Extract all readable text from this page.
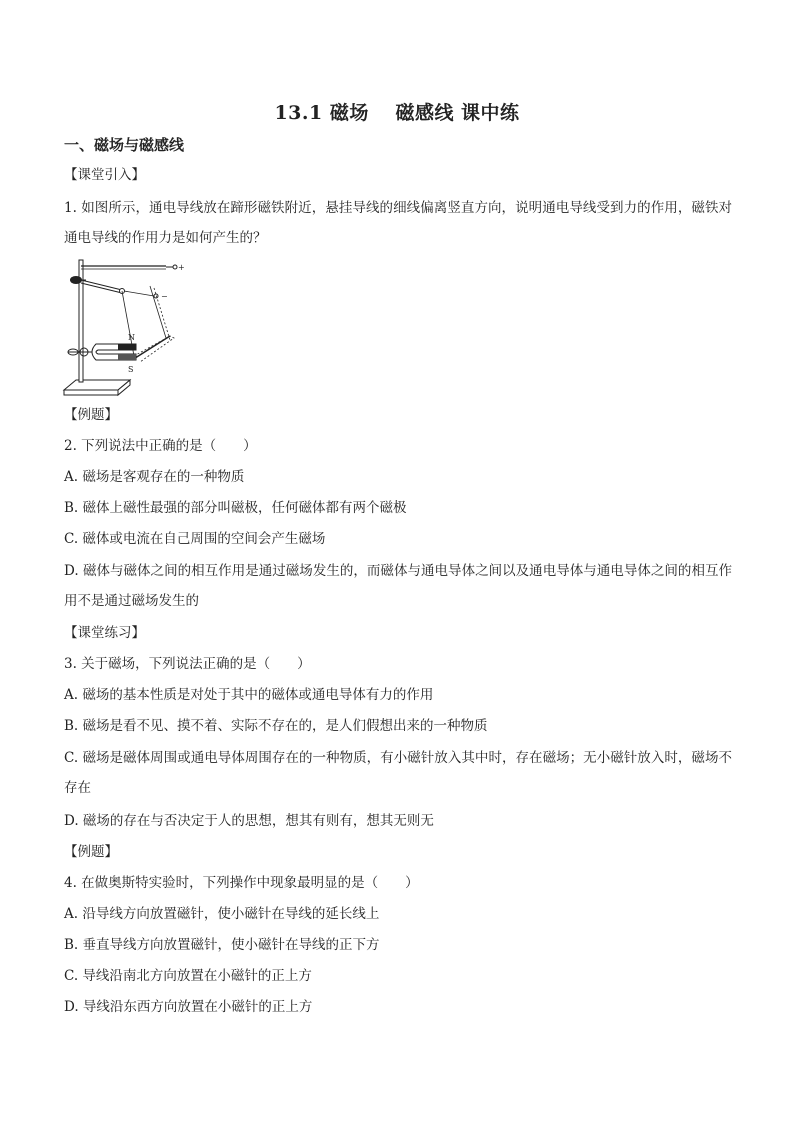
13.1 磁场　 磁感线 课中练
一、磁场与磁感线
【课堂引入】
1. 如图所示，通电导线放在蹄形磁铁附近，悬挂导线的细线偏离竖直方向，说明通电导线受到力的作用，磁铁对通电导线的作用力是如何产生的？
+
−
N
S
【例题】
2. 下列说法中正确的是（　　）
A. 磁场是客观存在的一种物质
B. 磁体上磁性最强的部分叫磁极，任何磁体都有两个磁极
C. 磁体或电流在自己周围的空间会产生磁场
D. 磁体与磁体之间的相互作用是通过磁场发生的，而磁体与通电导体之间以及通电导体与通电导体之间的相互作用不是通过磁场发生的
【课堂练习】
3. 关于磁场，下列说法正确的是（　　）
A. 磁场的基本性质是对处于其中的磁体或通电导体有力的作用
B. 磁场是看不见、摸不着、实际不存在的，是人们假想出来的一种物质
C. 磁场是磁体周围或通电导体周围存在的一种物质，有小磁针放入其中时，存在磁场；无小磁针放入时，磁场不存在
D. 磁场的存在与否决定于人的思想，想其有则有，想其无则无
【例题】
4. 在做奥斯特实验时，下列操作中现象最明显的是（　　）
A. 沿导线方向放置磁针，使小磁针在导线的延长线上
B. 垂直导线方向放置磁针，使小磁针在导线的正下方
C. 导线沿南北方向放置在小磁针的正上方
D. 导线沿东西方向放置在小磁针的正上方
